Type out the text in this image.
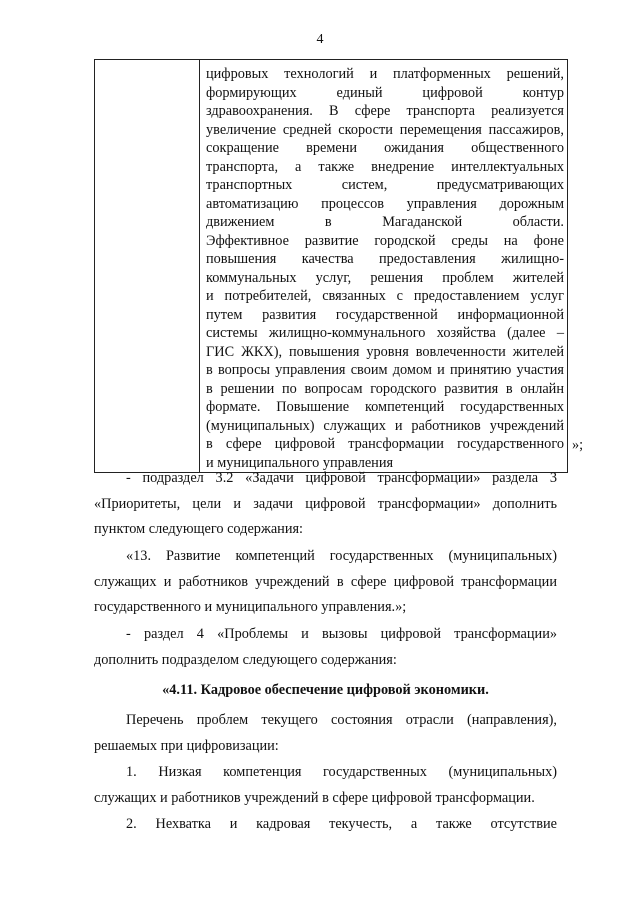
4

цифровых технологий и платформенных решений,
формирующих единый цифровой контур
здравоохранения. В сфере транспорта реализуется
увеличение средней скорости перемещения пассажиров,
сокращение времени ожидания общественного
транспорта, а также внедрение интеллектуальных
транспортных систем, предусматривающих
автоматизацию процессов управления дорожным
движением в Магаданской области.
Эффективное развитие городской среды на фоне
повышения качества предоставления жилищно-
коммунальных услуг, решения проблем жителей
и потребителей, связанных с предоставлением услуг
путем развития государственной информационной
системы жилищно-коммунального хозяйства (далее –
ГИС ЖКХ), повышения уровня вовлеченности жителей
в вопросы управления своим домом и принятию участия
в решении по вопросам городского развития в онлайн
формате. Повышение компетенций государственных
(муниципальных) служащих и работников учреждений
в сфере цифровой трансформации государственного
и муниципального управления
»;
- подраздел 3.2 «Задачи цифровой трансформации» раздела 3
«Приоритеты, цели и задачи цифровой трансформации» дополнить
пунктом следующего содержания:
«13. Развитие компетенций государственных (муниципальных)
служащих и работников учреждений в сфере цифровой трансформации
государственного и муниципального управления.»;
- раздел 4 «Проблемы и вызовы цифровой трансформации»
дополнить подразделом следующего содержания:
«4.11. Кадровое обеспечение цифровой экономики.
Перечень проблем текущего состояния отрасли (направления),
решаемых при цифровизации:
1. Низкая компетенция государственных (муниципальных)
служащих и работников учреждений в сфере цифровой трансформации.
2. Нехватка и кадровая текучесть, а также отсутствие
